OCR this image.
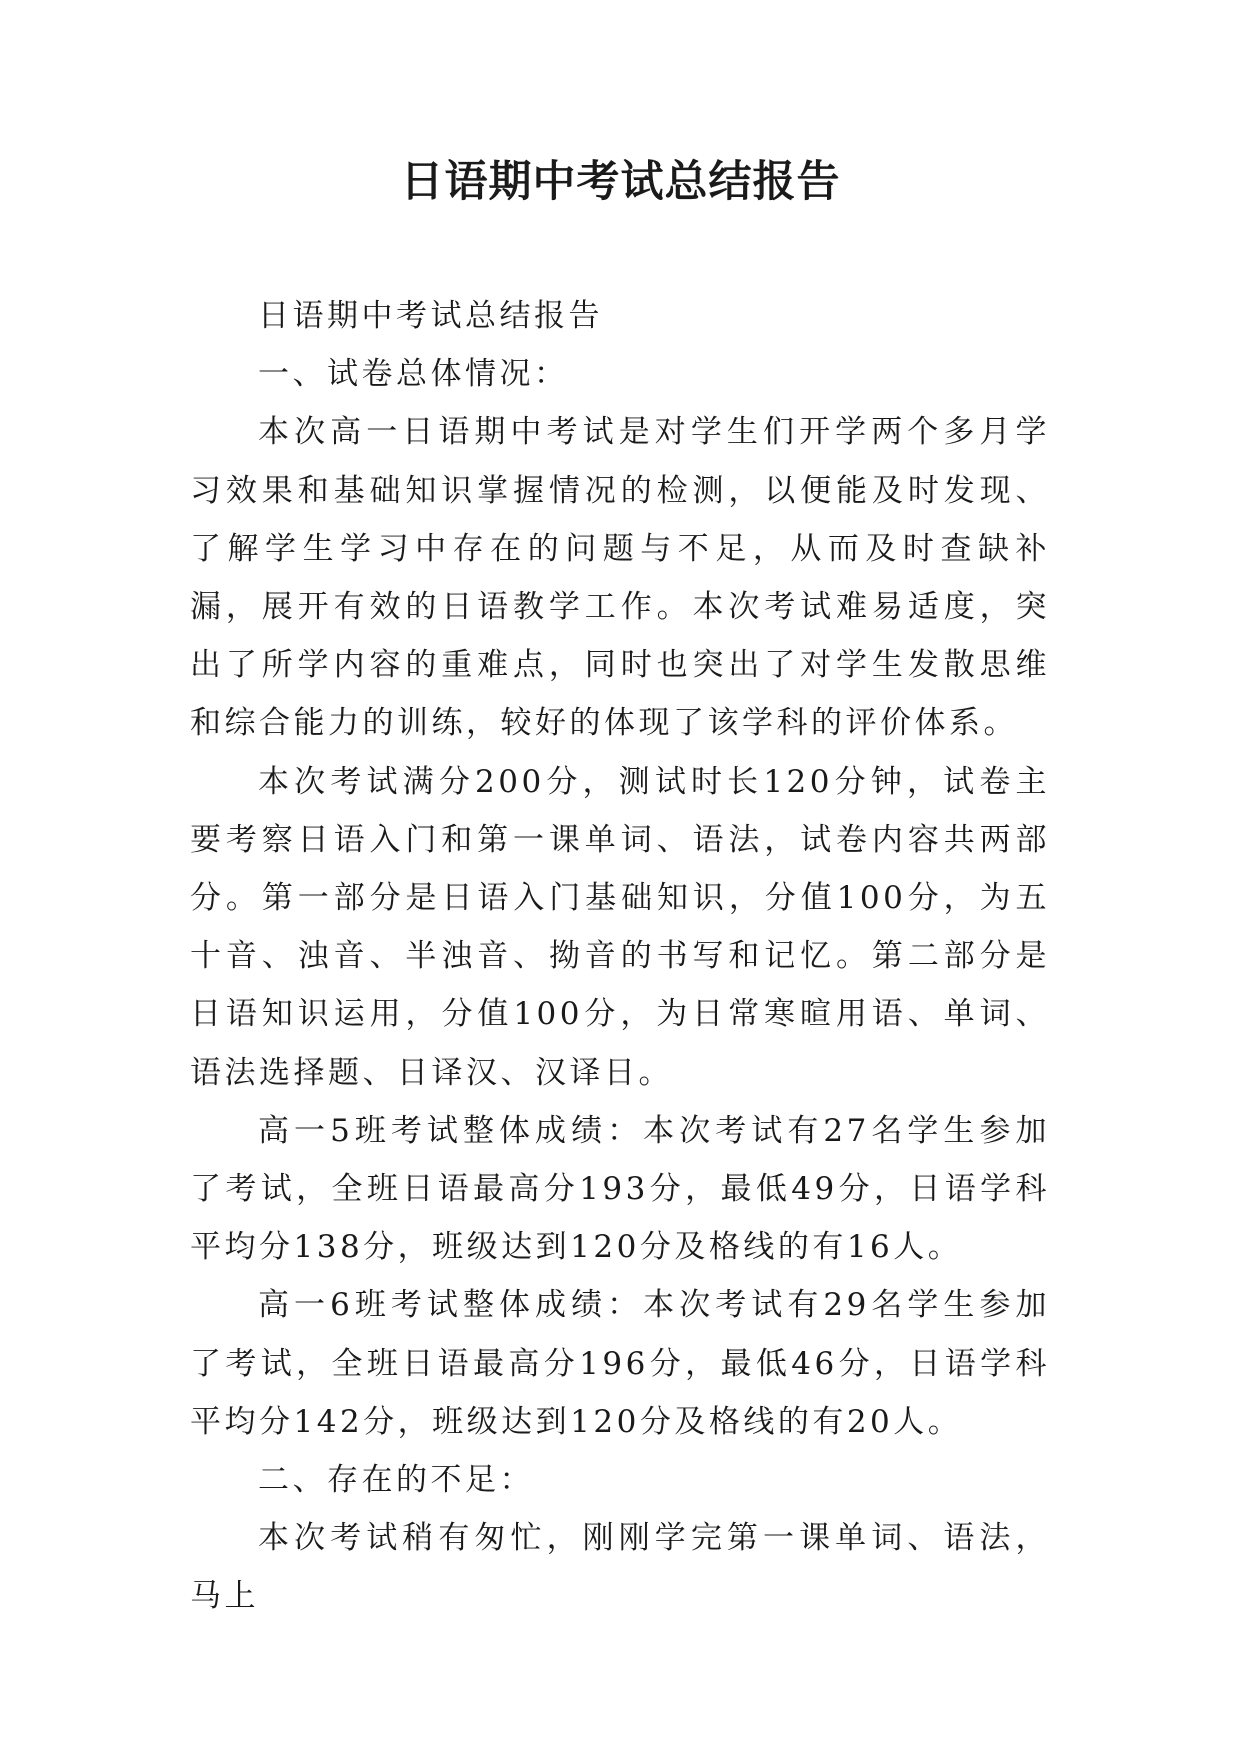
日语期中考试总结报告

日语期中考试总结报告

一、试卷总体情况：

本次高一日语期中考试是对学生们开学两个多月学习效果和基础知识掌握情况的检测，以便能及时发现、了解学生学习中存在的问题与不足，从而及时查缺补漏，展开有效的日语教学工作。本次考试难易适度，突出了所学内容的重难点，同时也突出了对学生发散思维和综合能力的训练，较好的体现了该学科的评价体系。

本次考试满分200分，测试时长120分钟，试卷主要考察日语入门和第一课单词、语法，试卷内容共两部分。第一部分是日语入门基础知识，分值100分，为五十音、浊音、半浊音、拗音的书写和记忆。第二部分是日语知识运用，分值100分，为日常寒暄用语、单词、语法选择题、日译汉、汉译日。

高一5班考试整体成绩：本次考试有27名学生参加了考试，全班日语最高分193分，最低49分，日语学科平均分138分，班级达到120分及格线的有16人。

高一6班考试整体成绩：本次考试有29名学生参加了考试，全班日语最高分196分，最低46分，日语学科平均分142分，班级达到120分及格线的有20人。

二、存在的不足：

本次考试稍有匆忙，刚刚学完第一课单词、语法，马上
